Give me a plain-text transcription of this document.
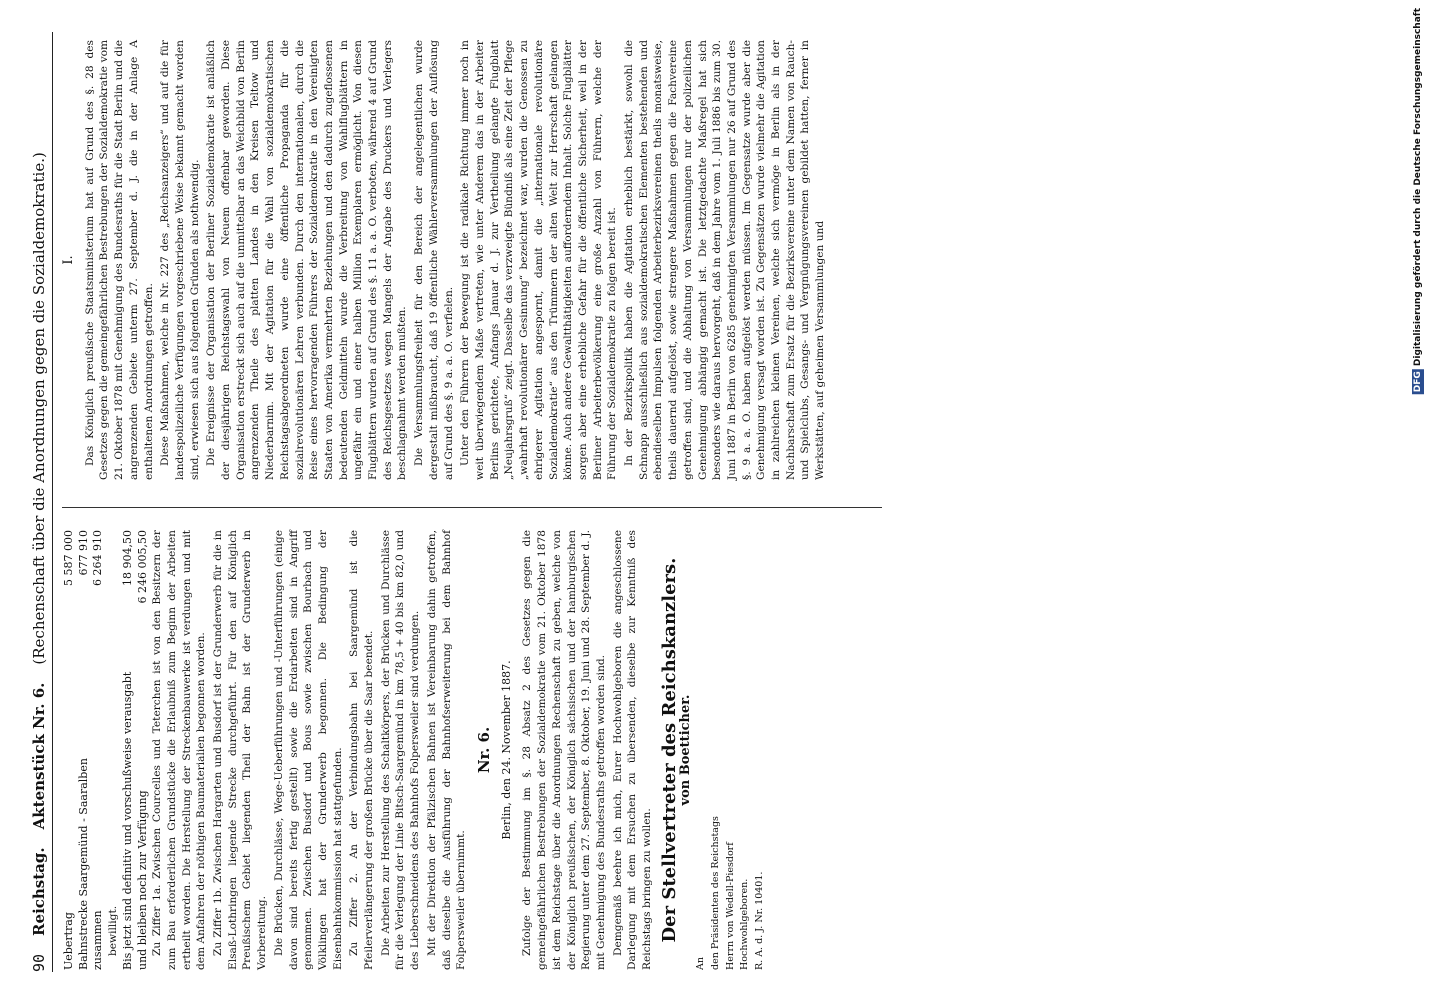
90
Reichstag.
Aktenstück Nr. 6.
(Rechenschaft über die Anordnungen gegen die Sozialdemokratie.)
Uebertrag
5 587 000
Bahnstrecke Saargemünd - Saaralben
677 910
zusammen
6 264 910

bewilligt. Bis jetzt sind definitiv und vorschußweise verausgabt
18 904,50
und bleiben noch zur Verfügung
6 246 005,50 Zu Ziffer 1a. Zwischen Courcelles und Teterchen ist von den Besitzern der zum Bau erforderlichen Grundstücke die Erlaubniß zum Beginn der Arbeiten ertheilt worden. Die Herstellung der Streckenbauwerke ist verdungen und mit dem Anfahren der nöthigen Baumaterialien begonnen worden. Zu Ziffer 1b. Zwischen Hargarten und Busdorf ist der Grunderwerb für die in Elsaß-Lothringen liegende Strecke durchgeführt. Für den auf Königlich Preußischem Gebiet liegenden Theil der Bahn ist der Grunderwerb in Vorbereitung. Die Brücken, Durchlässe, Wege-Ueberführungen und -Unterführungen (einige davon sind bereits fertig gestellt) sowie die Erdarbeiten sind in Angriff genommen. Zwischen Busdorf und Bous sowie zwischen Bourbach und Völklingen hat der Grunderwerb begonnen. Die Bedingung der Eisenbahnkommission hat stattgefunden. Zu Ziffer 2. An der Verbindungsbahn bei Saargemünd ist die Pfeilerverlängerung der großen Brücke über die Saar beendet. Die Arbeiten zur Herstellung des Schaltkörpers, der Brücken und Durchlässe für die Verlegung der Linie Bitsch-Saargemünd in km 78,5 + 40 bis km 82,0 und des Lieberschneidens des Bahnhofs Folpersweiler sind verdungen. Mit der Direktion der Pfälzischen Bahnen ist Vereinbarung dahin getroffen, daß dieselbe die Ausführung der Bahnhofserweiterung bei dem Bahnhof Folpersweiler übernimmt.

Nr. 6. Berlin, den 24. November 1887. Zufolge der Bestimmung im §. 28 Absatz 2 des Gesetzes gegen die gemeingefährlichen Bestrebungen der Sozialdemokratie vom 21. Oktober 1878 ist dem Reichstage über die Anordnungen Rechenschaft zu geben, welche von der Königlich preußischen, der Königlich sächsischen und der hamburgischen Regierung unter dem 27. September, 8. Oktober, 19. Juni und 28. September d. J. mit Genehmigung des Bundesraths getroffen worden sind. Demgemäß beehre ich mich, Eurer Hochwohlgeboren die angeschlossene Darlegung mit dem Ersuchen zu übersenden, dieselbe zur Kenntniß des Reichstags bringen zu wollen. Der Stellvertreter des Reichskanzlers.
von Boetticher.
An den Präsidenten des Reichstags Herrn von Wedell-Piesdorf Hochwohlgeboren. R. A. d. J. Nr. 10401.
I. Das Königlich preußische Staatsministerium hat auf Grund des §. 28 des Gesetzes gegen die gemeingefährlichen Bestrebungen der Sozialdemokratie vom 21. Oktober 1878 mit Genehmigung des Bundesraths für die Stadt Berlin und die angrenzenden Gebiete unterm 27. September d. J. die in der Anlage A enthaltenen Anordnungen getroffen. Diese Maßnahmen, welche in Nr. 227 des „Reichsanzeigers“ und auf die für landespolizeiliche Verfügungen vorgeschriebene Weise bekannt gemacht worden sind, erwiesen sich aus folgenden Gründen als nothwendig. Die Ereignisse der Organisation der Berliner Sozialdemokratie ist anläßlich der diesjährigen Reichstagswahl von Neuem offenbar geworden. Diese Organisation erstreckt sich auch auf die unmittelbar an das Weichbild von Berlin angrenzenden Theile des platten Landes in den Kreisen Teltow und Niederbarnim. Mit der Agitation für die Wahl von sozialdemokratischen Reichstagsabgeordneten wurde eine öffentliche Propaganda für die sozialrevolutionären Lehren verbunden. Durch den internationalen, durch die Reise eines hervorragenden Führers der Sozialdemokratie in den Vereinigten Staaten von Amerika vermehrten Beziehungen und den dadurch zugeflossenen bedeutenden Geldmitteln wurde die Verbreitung von Wahlflugblättern in ungefähr ein und einer halben Million Exemplaren ermöglicht. Von diesen Flugblättern wurden auf Grund des §. 11 a. a. O. verboten, während 4 auf Grund des Reichsgesetzes wegen Mangels der Angabe des Druckers und Verlegers beschlagnahmt werden mußten. Die Versammlungsfreiheit für den Bereich der angelegentlichen wurde dergestalt mißbraucht, daß 19 öffentliche Wählerversammlungen der Auflösung auf Grund des §. 9 a. a. O. verfielen. Unter den Führern der Bewegung ist die radikale Richtung immer noch in weit überwiegendem Maße vertreten, wie unter Anderem das in der Arbeiter Berlins gerichtete, Anfangs Januar d. J. zur Vertheilung gelangte Flugblatt „Neujahrsgruß“ zeigt. Dasselbe das verzweigte Bündniß als eine Zeit der Pflege „wahrhaft revolutionärer Gesinnung“ bezeichnet war, wurden die Genossen zu ehrigerer Agitation angespornt, damit die „internationale revolutionäre Sozialdemokratie“ aus den Trümmern der alten Welt zur Herrschaft gelangen könne. Auch andere Gewaltthätigkeiten aufforderndem Inhalt. Solche Flugblätter sorgen aber eine erhebliche Gefahr für die öffentliche Sicherheit, weil in der Berliner Arbeiterbevölkerung eine große Anzahl von Führern, welche der Führung der Sozialdemokratie zu folgen bereit ist. In der Bezirkspolitik haben die Agitation erheblich bestärkt, sowohl die Schnapp ausschließlich aus sozialdemokratischen Elementen bestehenden und ebendieselben Impulsen folgenden Arbeiterbezirksvereinen theils monatsweise, theils dauernd aufgelöst, sowie strengere Maßnahmen gegen die Fachvereine getroffen sind, und die Abhaltung von Versammlungen nur der polizeilichen Genehmigung abhängig gemacht ist. Die letztgedachte Maßregel hat sich besonders wie daraus hervorgeht, daß in dem Jahre vom 1. Juli 1886 bis zum 30. Juni 1887 in Berlin von 6285 genehmigten Versammlungen nur 26 auf Grund des §. 9 a. a. O. haben aufgelöst werden müssen. Im Gegensatze wurde aber die Genehmigung versagt worden ist. Zu Gegensätzen wurde vielmehr die Agitation in zahlreichen kleinen Vereinen, welche sich vermöge in Berlin als in der Nachbarschaft zum Ersatz für die Bezirksvereine unter dem Namen von Rauch- und Spielclubs, Gesangs- und Vergnügungsvereinen gebildet hatten, ferner in Werkstätten, auf geheimen Versammlungen und	DFG Digitalisierung gefördert durch die Deutsche Forschungsgemeinschaft
